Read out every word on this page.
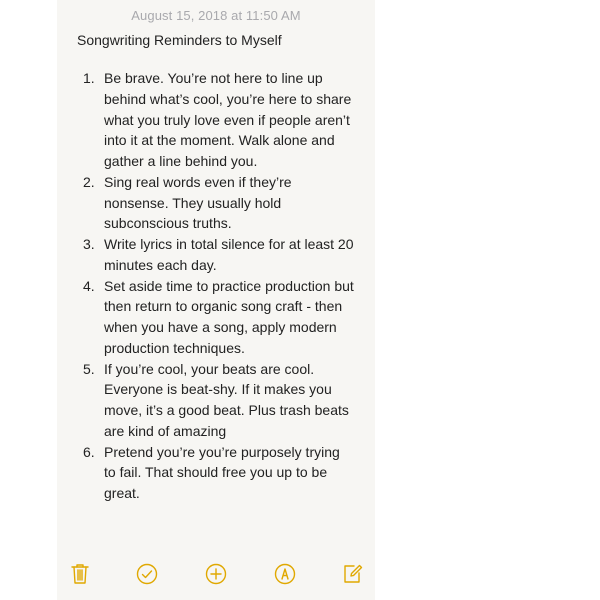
August 15, 2018 at 11:50 AM
Songwriting Reminders to Myself
1. Be brave. You’re not here to line up behind what’s cool, you’re here to share what you truly love even if people aren’t into it at the moment. Walk alone and gather a line behind you.
2. Sing real words even if they’re nonsense. They usually hold subconscious truths.
3. Write lyrics in total silence for at least 20 minutes each day.
4. Set aside time to practice production but then return to organic song craft - then when you have a song, apply modern production techniques.
5. If you’re cool, your beats are cool. Everyone is beat-shy. If it makes you move, it’s a good beat. Plus trash beats are kind of amazing
6. Pretend you’re you’re purposely trying to fail. That should free you up to be great.
